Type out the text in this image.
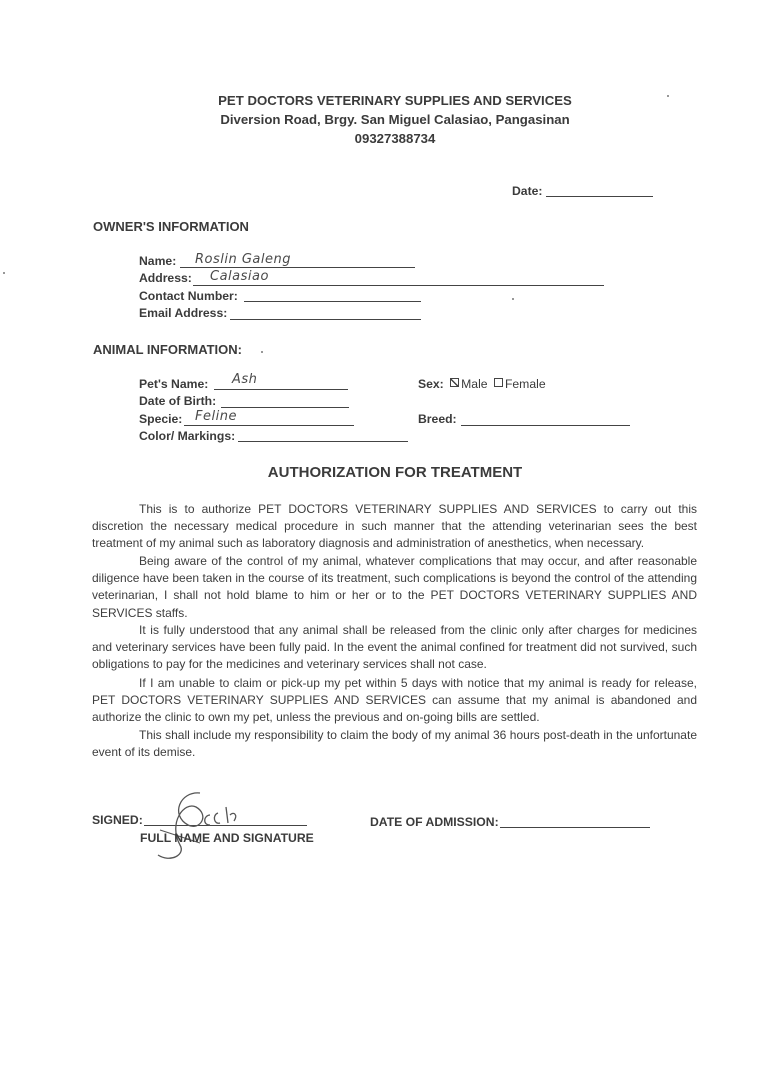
PET DOCTORS VETERINARY SUPPLIES AND SERVICES
Diversion Road, Brgy. San Miguel Calasiao, Pangasinan
09327388734
Date:
OWNER'S INFORMATION
Name: Roslin Galeng
Address: Calasiao
Contact Number:
Email Address:
ANIMAL INFORMATION:
Pet's Name: Ash
Date of Birth:
Specie: Feline
Color/ Markings:
Sex: Male Female
Breed:
AUTHORIZATION FOR TREATMENT

This is to authorize PET DOCTORS VETERINARY SUPPLIES AND SERVICES to carry out this discretion the necessary medical procedure in such manner that the attending veterinarian sees the best treatment of my animal such as laboratory diagnosis and administration of anesthetics, when necessary.

Being aware of the control of my animal, whatever complications that may occur, and after reasonable diligence have been taken in the course of its treatment, such complications is beyond the control of the attending veterinarian, I shall not hold blame to him or her or to the PET DOCTORS VETERINARY SUPPLIES AND SERVICES staffs.

It is fully understood that any animal shall be released from the clinic only after charges for medicines and veterinary services have been fully paid. In the event the animal confined for treatment did not survived, such obligations to pay for the medicines and veterinary services shall not case.

If I am unable to claim or pick-up my pet within 5 days with notice that my animal is ready for release, PET DOCTORS VETERINARY SUPPLIES AND SERVICES can assume that my animal is abandoned and authorize the clinic to own my pet, unless the previous and on-going bills are settled.

This shall include my responsibility to claim the body of my animal 36 hours post-death in the unfortunate event of its demise.

SIGNED:
FULL NAME AND SIGNATURE
DATE OF ADMISSION:
